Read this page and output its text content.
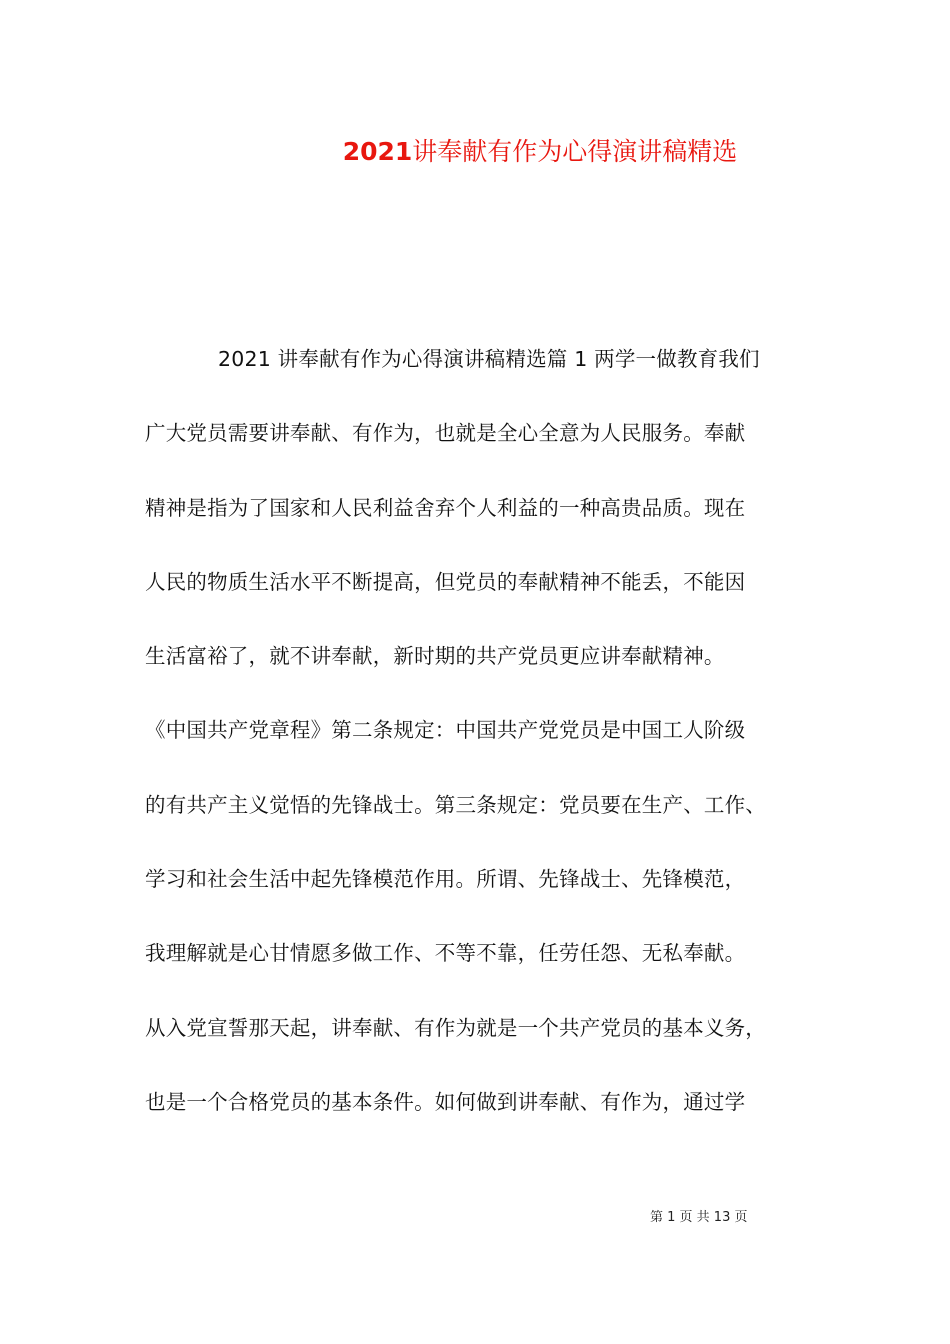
2021讲奉献有作为心得演讲稿精选
2021 讲奉献有作为心得演讲稿精选篇 1 两学一做教育我们
广大党员需要讲奉献、有作为，也就是全心全意为人民服务。奉献
精神是指为了国家和人民利益舍弃个人利益的一种高贵品质。现在
人民的物质生活水平不断提高，但党员的奉献精神不能丢，不能因
生活富裕了，就不讲奉献，新时期的共产党员更应讲奉献精神。
《中国共产党章程》第二条规定：中国共产党党员是中国工人阶级
的有共产主义觉悟的先锋战士。第三条规定：党员要在生产、工作、
学习和社会生活中起先锋模范作用。所谓、先锋战士、先锋模范，
我理解就是心甘情愿多做工作、不等不靠，任劳任怨、无私奉献。
从入党宣誓那天起，讲奉献、有作为就是一个共产党员的基本义务，
也是一个合格党员的基本条件。如何做到讲奉献、有作为，通过学
第 1 页 共 13 页
